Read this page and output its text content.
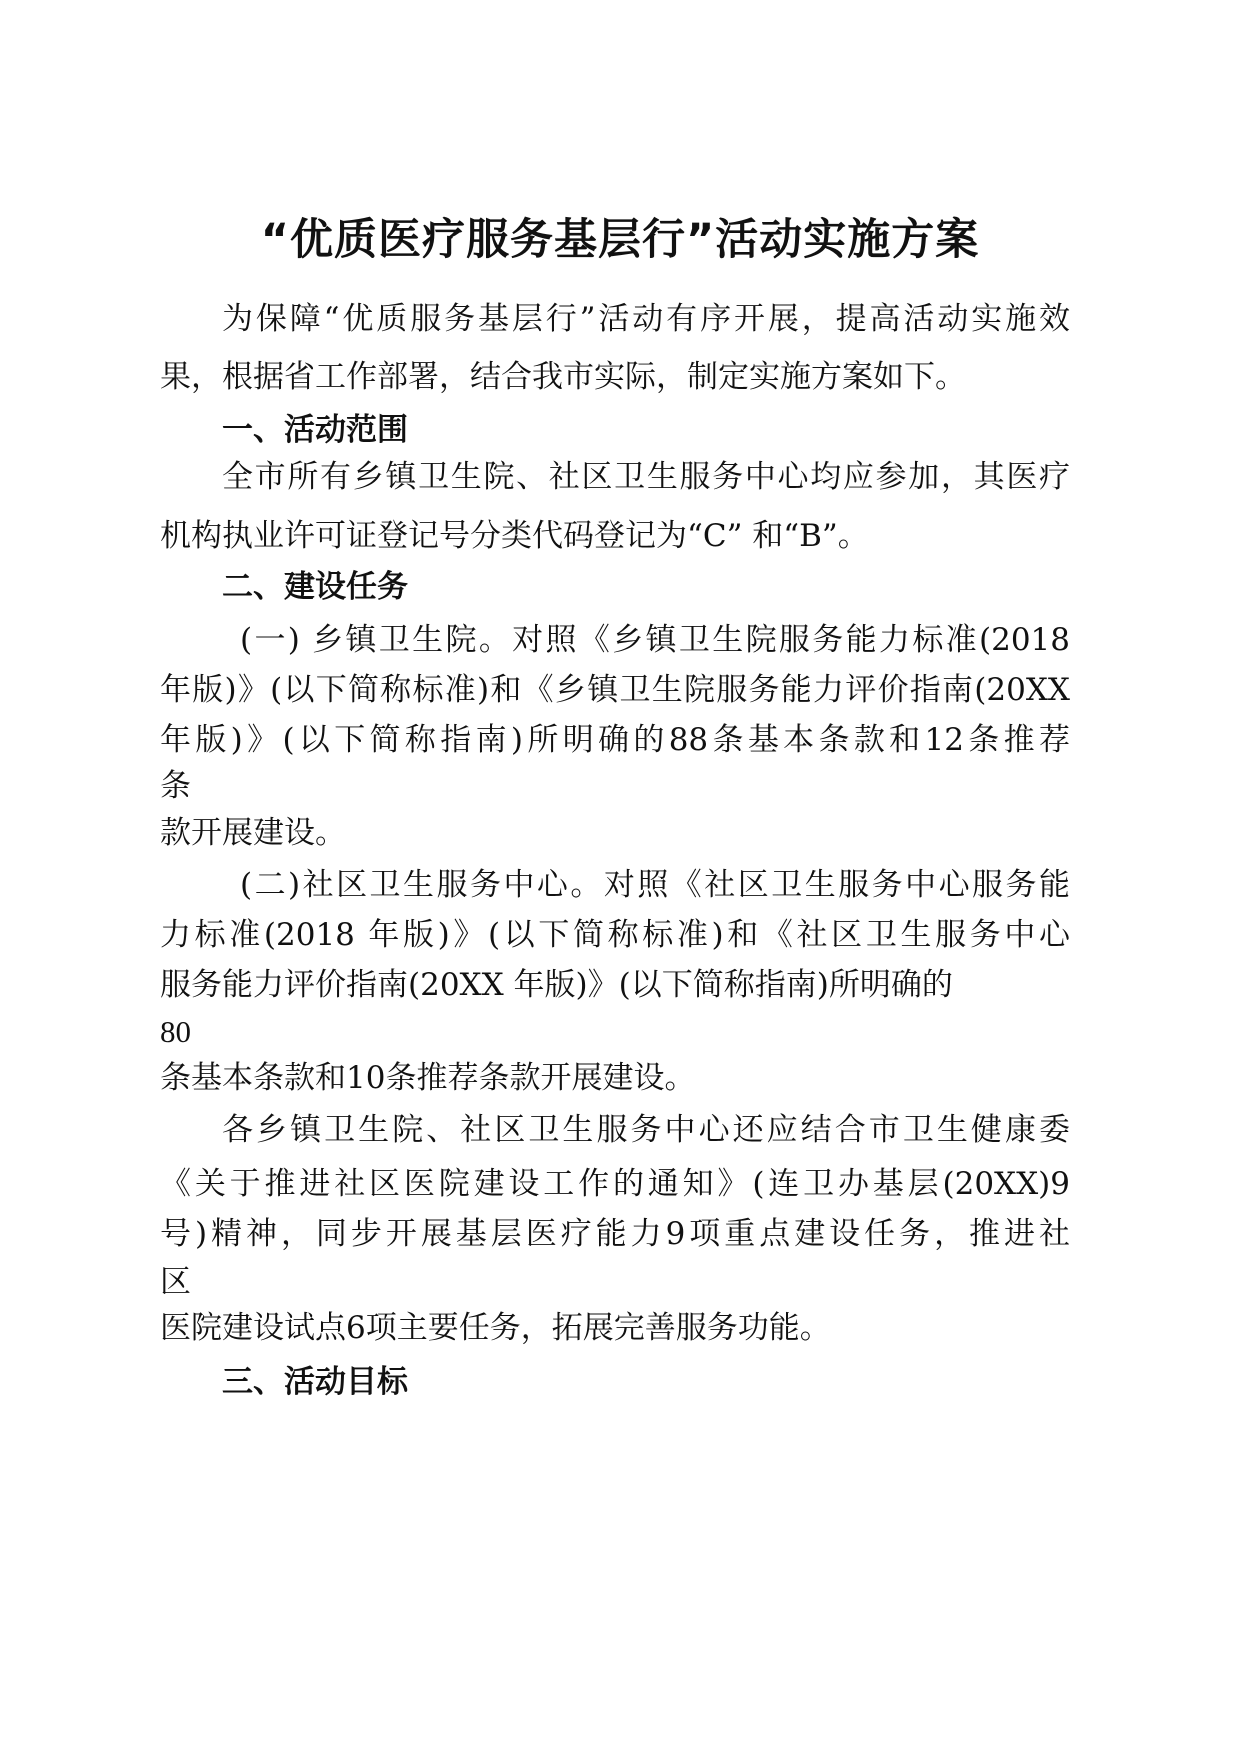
“优质医疗服务基层行”活动实施方案
为保障“优质服务基层行”活动有序开展，提高活动实施效
果，根据省工作部署，结合我市实际，制定实施方案如下。
一、活动范围
全市所有乡镇卫生院、社区卫生服务中心均应参加，其医疗
机构执业许可证登记号分类代码登记为“C” 和“B”。
二、建设任务
(一) 乡镇卫生院。对照《乡镇卫生院服务能力标准(2018
年版)》(以下简称标准)和《乡镇卫生院服务能力评价指南(20XX
年版)》(以下简称指南)所明确的88条基本条款和12条推荐
条
款开展建设。
(二)社区卫生服务中心。对照《社区卫生服务中心服务能
力标准(2018 年版)》(以下简称标准)和《社区卫生服务中心
服务能力评价指南(20XX 年版)》(以下简称指南)所明确的
80
条基本条款和10条推荐条款开展建设。
各乡镇卫生院、社区卫生服务中心还应结合市卫生健康委
《关于推进社区医院建设工作的通知》(连卫办基层(20XX)9
号)精神，同步开展基层医疗能力9项重点建设任务，推进社
区
医院建设试点6项主要任务，拓展完善服务功能。
三、活动目标
